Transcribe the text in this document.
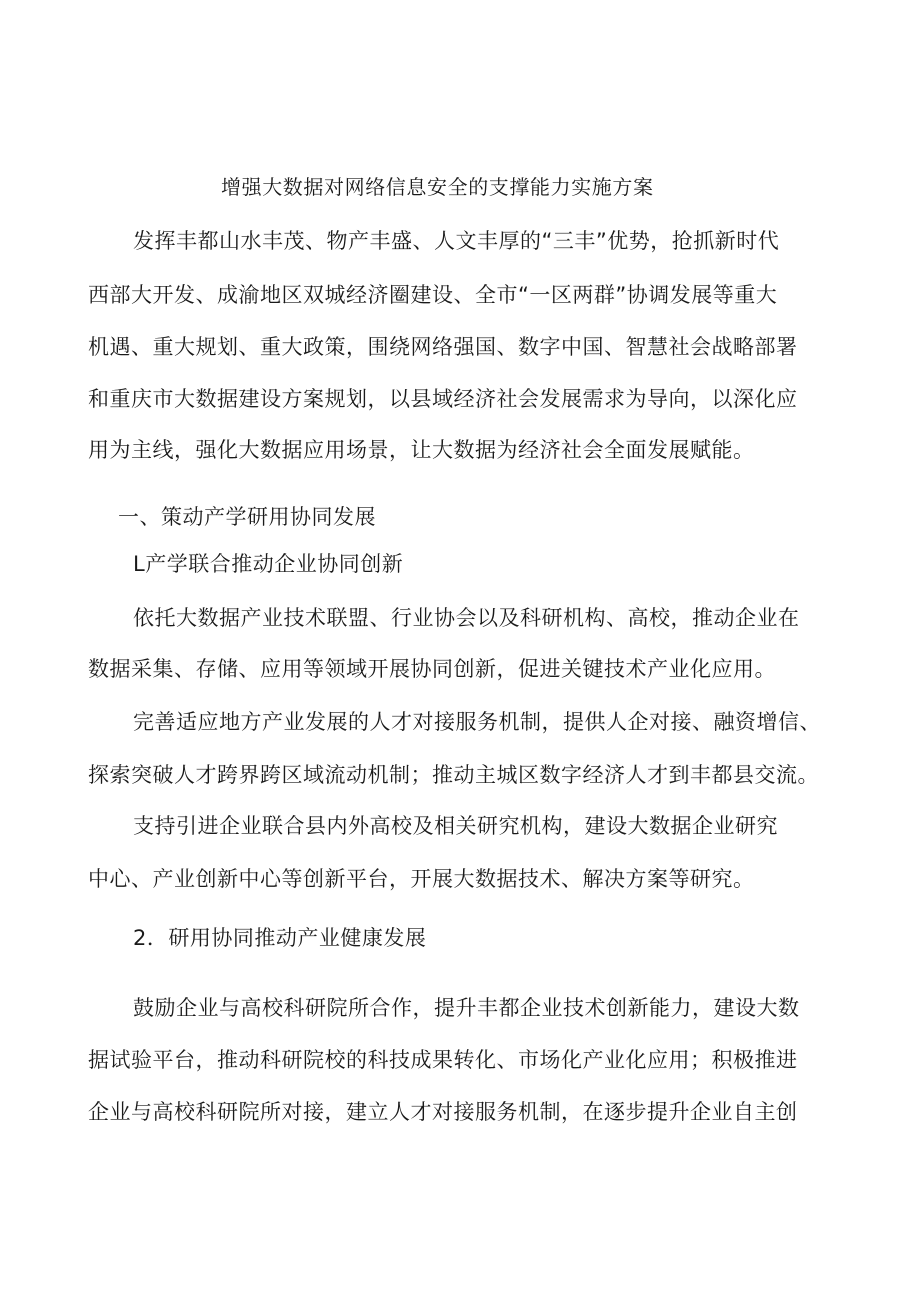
增强大数据对网络信息安全的支撑能力实施方案
发挥丰都山水丰茂、物产丰盛、人文丰厚的“三丰”优势，抢抓新时代
西部大开发、成渝地区双城经济圈建设、全市“一区两群”协调发展等重大
机遇、重大规划、重大政策，围绕网络强国、数字中国、智慧社会战略部署
和重庆市大数据建设方案规划，以县域经济社会发展需求为导向，以深化应
用为主线，强化大数据应用场景，让大数据为经济社会全面发展赋能。
一、策动产学研用协同发展
L产学联合推动企业协同创新
依托大数据产业技术联盟、行业协会以及科研机构、高校，推动企业在
数据采集、存储、应用等领域开展协同创新，促进关键技术产业化应用。
完善适应地方产业发展的人才对接服务机制，提供人企对接、融资增信、
探索突破人才跨界跨区域流动机制；推动主城区数字经济人才到丰都县交流。
支持引进企业联合县内外高校及相关研究机构，建设大数据企业研究
中心、产业创新中心等创新平台，开展大数据技术、解决方案等研究。
2．研用协同推动产业健康发展
鼓励企业与高校科研院所合作，提升丰都企业技术创新能力，建设大数
据试验平台，推动科研院校的科技成果转化、市场化产业化应用；积极推进
企业与高校科研院所对接，建立人才对接服务机制，在逐步提升企业自主创
